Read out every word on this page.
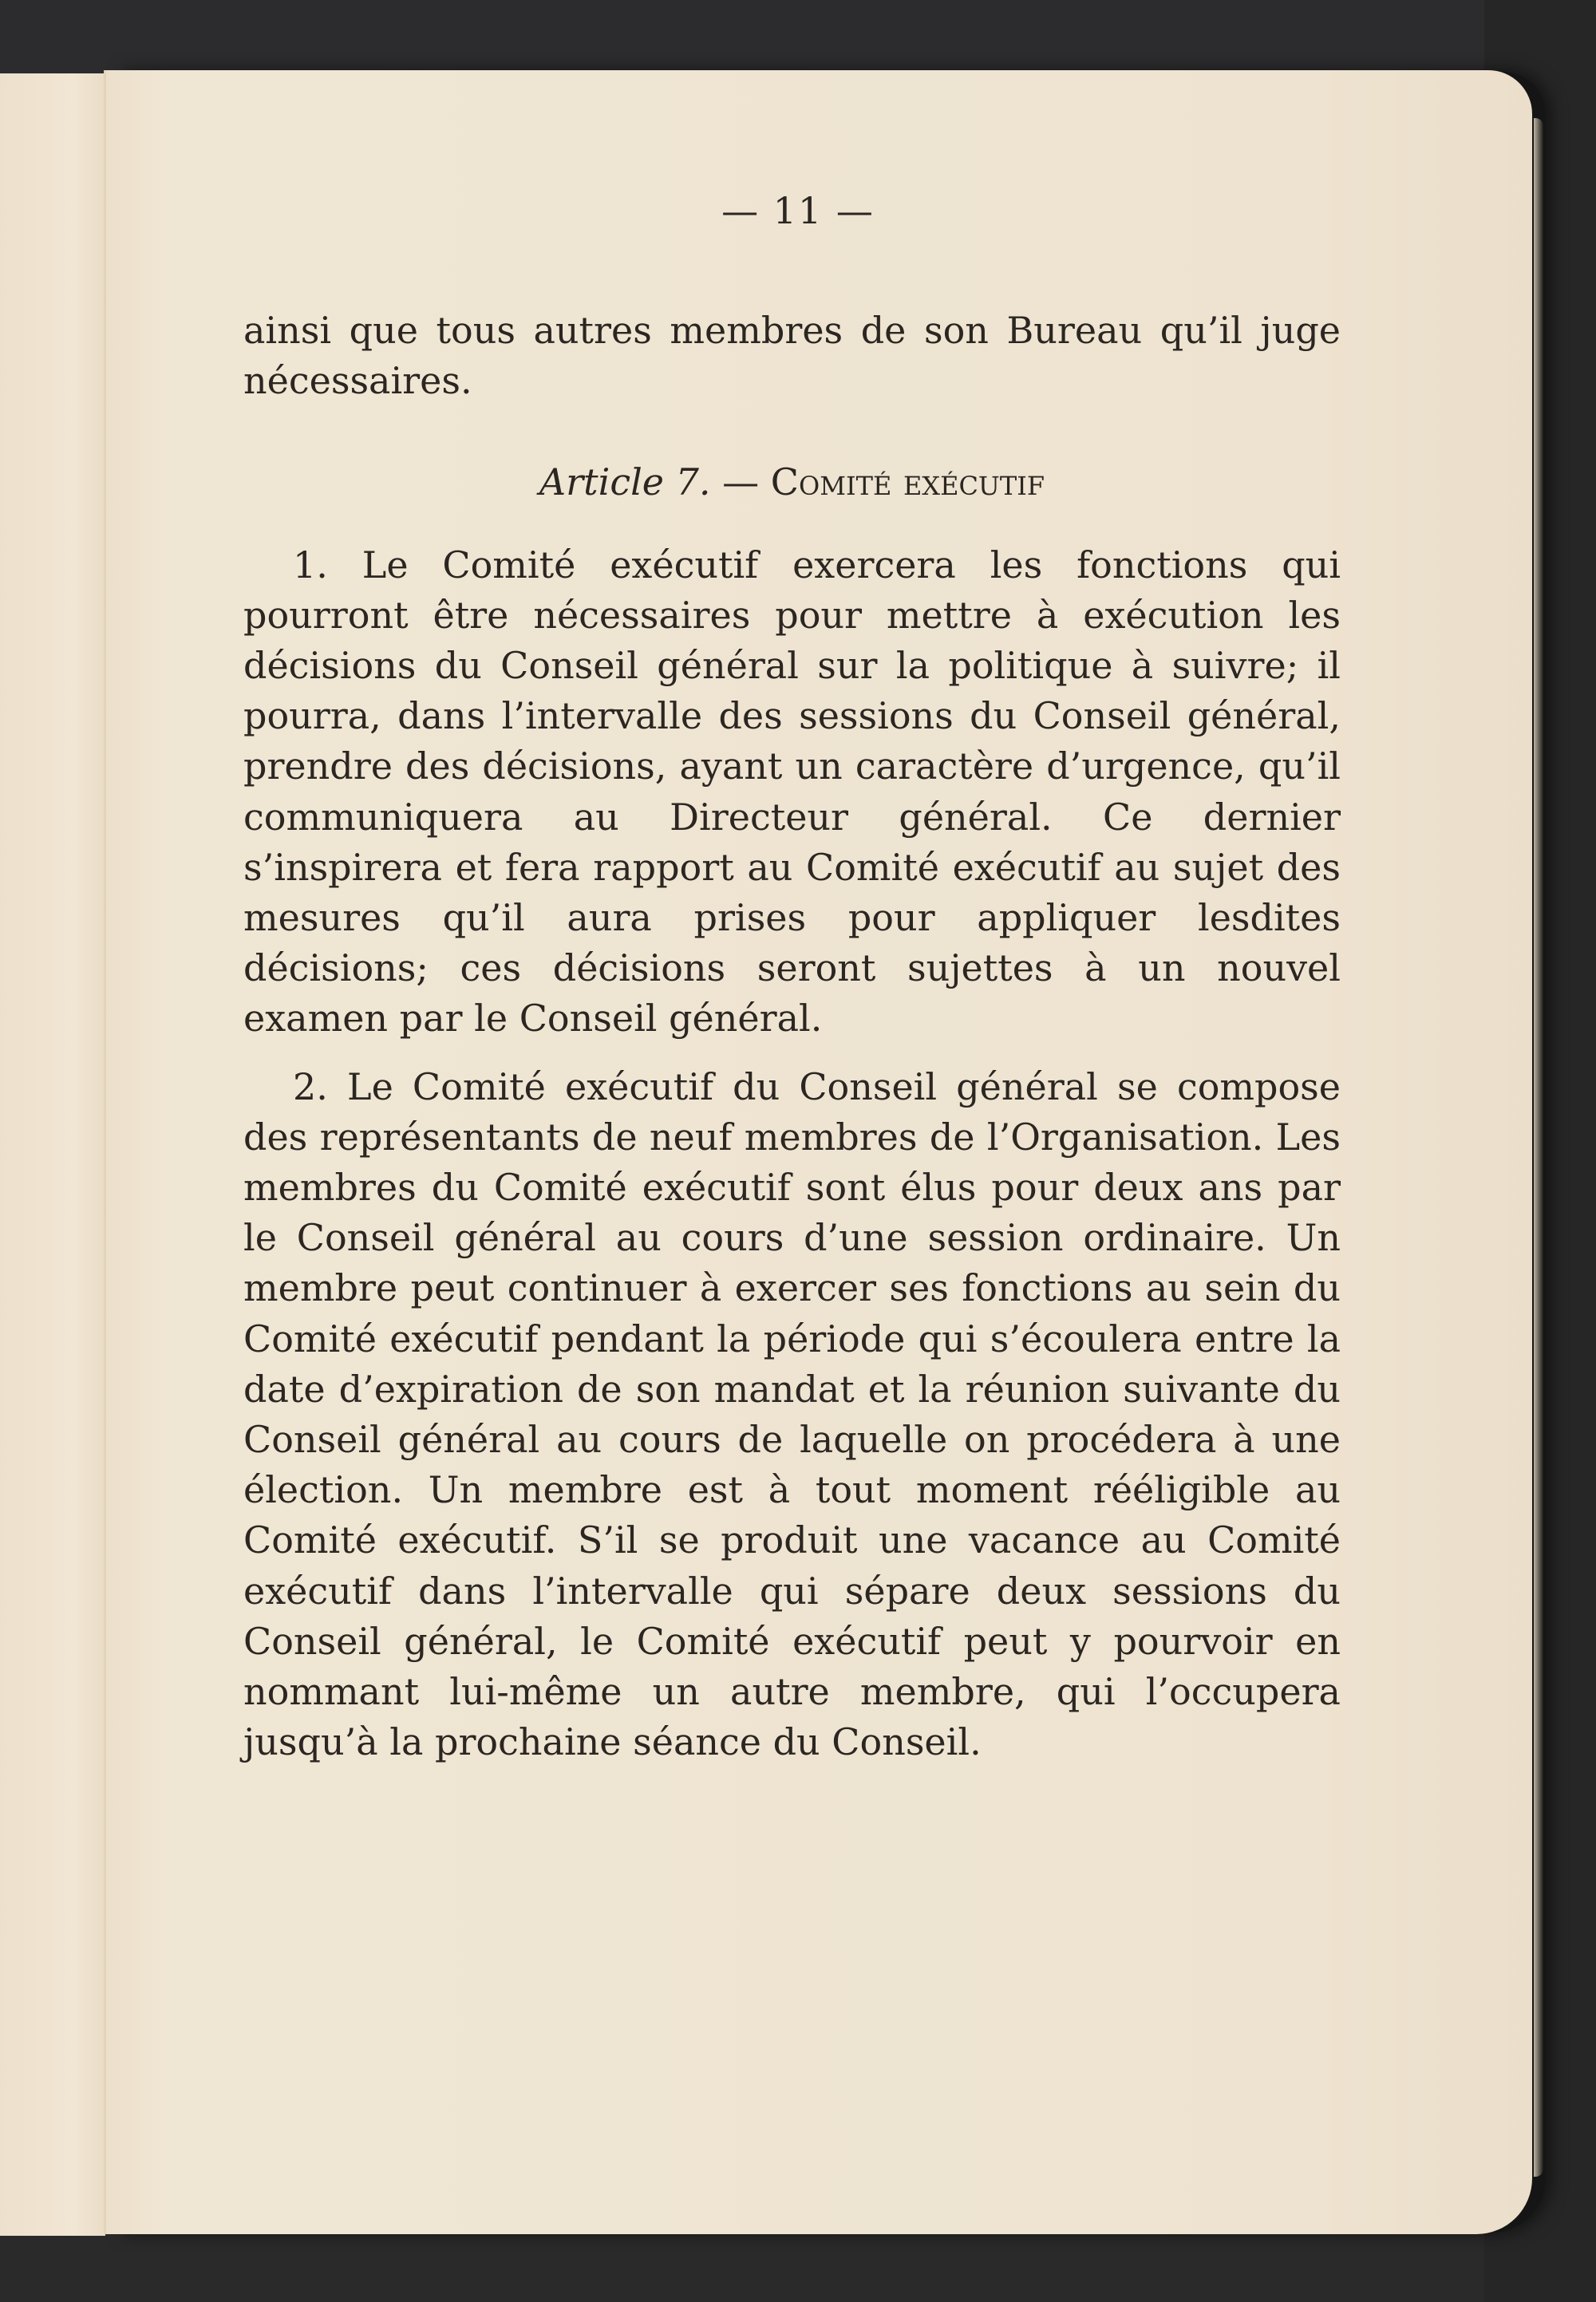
— 11 —

ainsi que tous autres membres de son Bureau qu’il juge nécessaires.

Article 7. — Comité exécutif

1. Le Comité exécutif exercera les fonctions qui pourront être nécessaires pour mettre à exécution les décisions du Conseil général sur la politique à suivre; il pourra, dans l’intervalle des sessions du Conseil général, prendre des décisions, ayant un caractère d’urgence, qu’il communiquera au Directeur général. Ce dernier s’inspirera et fera rapport au Comité exécutif au sujet des mesures qu’il aura prises pour appliquer lesdites décisions; ces décisions seront sujettes à un nouvel examen par le Conseil général.

2. Le Comité exécutif du Conseil général se compose des représentants de neuf membres de l’Organisation. Les membres du Comité exécutif sont élus pour deux ans par le Conseil général au cours d’une session ordinaire. Un membre peut continuer à exercer ses fonctions au sein du Comité exécutif pendant la période qui s’écoulera entre la date d’expiration de son mandat et la réunion suivante du Conseil général au cours de laquelle on procédera à une élection. Un membre est à tout moment rééligible au Comité exécutif. S’il se produit une vacance au Comité exécutif dans l’intervalle qui sépare deux sessions du Conseil général, le Comité exécutif peut y pourvoir en nommant lui-même un autre membre, qui l’occupera jusqu’à la prochaine séance du Conseil.
